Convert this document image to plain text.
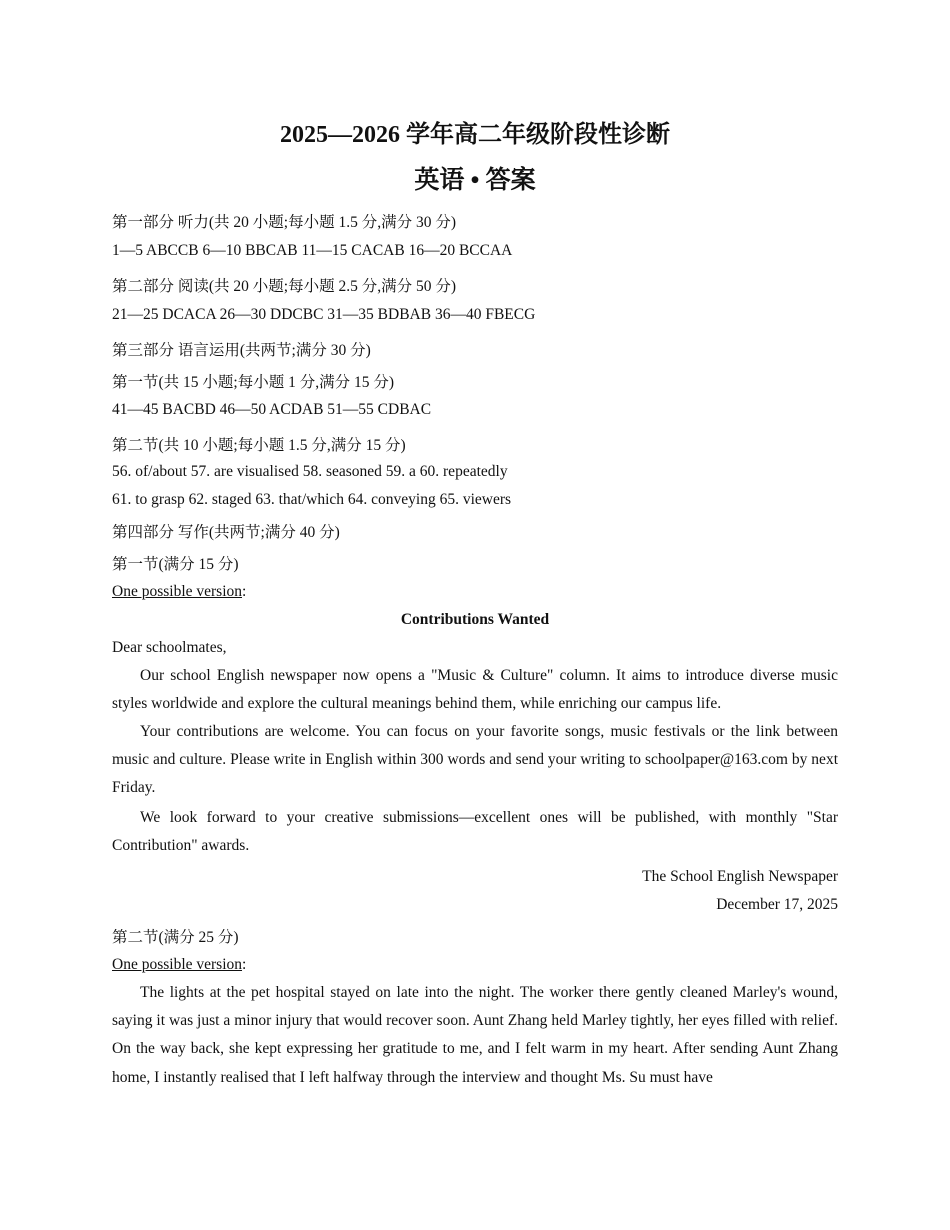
2025—2026 学年高二年级阶段性诊断
英语 • 答案
第一部分 听力(共 20 小题;每小题 1.5 分,满分 30 分)
1—5 ABCCB 6—10 BBCAB 11—15 CACAB 16—20 BCCAA
第二部分 阅读(共 20 小题;每小题 2.5 分,满分 50 分)
21—25 DCACA 26—30 DDCBC 31—35 BDBAB 36—40 FBECG
第三部分 语言运用(共两节;满分 30 分)
第一节(共 15 小题;每小题 1 分,满分 15 分)
41—45 BACBD 46—50 ACDAB 51—55 CDBAC
第二节(共 10 小题;每小题 1.5 分,满分 15 分)
56. of/about 57. are visualised 58. seasoned 59. a 60. repeatedly
61. to grasp 62. staged 63. that/which 64. conveying 65. viewers
第四部分 写作(共两节;满分 40 分)
第一节(满分 15 分)
One possible version:
Contributions Wanted
Dear schoolmates,
Our school English newspaper now opens a "Music & Culture" column. It aims to introduce diverse music styles worldwide and explore the cultural meanings behind them, while enriching our campus life.
Your contributions are welcome. You can focus on your favorite songs, music festivals or the link between music and culture. Please write in English within 300 words and send your writing to schoolpaper@163.com by next Friday.
We look forward to your creative submissions—excellent ones will be published, with monthly "Star Contribution" awards.
The School English Newspaper
December 17, 2025
第二节(满分 25 分)
One possible version:
The lights at the pet hospital stayed on late into the night. The worker there gently cleaned Marley's wound, saying it was just a minor injury that would recover soon. Aunt Zhang held Marley tightly, her eyes filled with relief. On the way back, she kept expressing her gratitude to me, and I felt warm in my heart. After sending Aunt Zhang home, I instantly realised that I left halfway through the interview and thought Ms. Su must have
